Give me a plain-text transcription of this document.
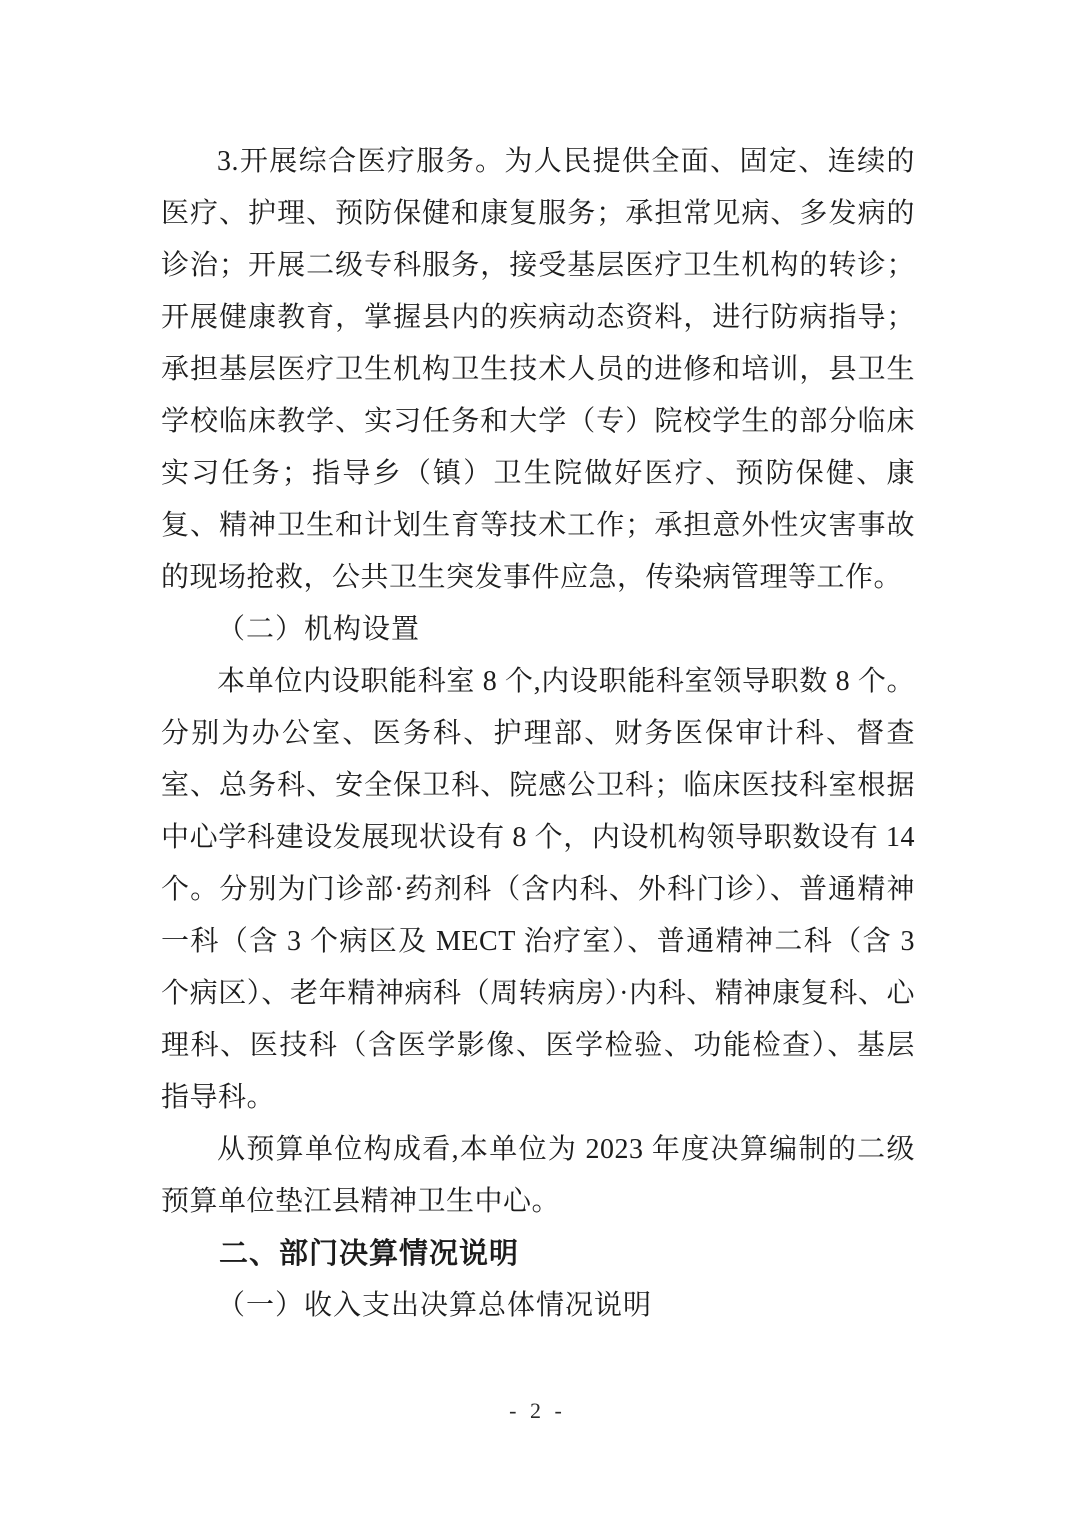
3.开展综合医疗服务。为人民提供全面、固定、连续的医疗、护理、预防保健和康复服务；承担常见病、多发病的诊治；开展二级专科服务，接受基层医疗卫生机构的转诊；开展健康教育，掌握县内的疾病动态资料，进行防病指导；承担基层医疗卫生机构卫生技术人员的进修和培训，县卫生学校临床教学、实习任务和大学（专）院校学生的部分临床实习任务；指导乡（镇）卫生院做好医疗、预防保健、康复、精神卫生和计划生育等技术工作；承担意外性灾害事故的现场抢救，公共卫生突发事件应急，传染病管理等工作。

（二）机构设置

本单位内设职能科室 8 个,内设职能科室领导职数 8 个。分别为办公室、医务科、护理部、财务医保审计科、督查室、总务科、安全保卫科、院感公卫科；临床医技科室根据中心学科建设发展现状设有 8 个，内设机构领导职数设有 14 个。分别为门诊部·药剂科（含内科、外科门诊）、普通精神一科（含 3 个病区及 MECT 治疗室）、普通精神二科（含 3 个病区）、老年精神病科（周转病房）·内科、精神康复科、心理科、医技科（含医学影像、医学检验、功能检查）、基层指导科。

从预算单位构成看,本单位为 2023 年度决算编制的二级预算单位垫江县精神卫生中心。

二、部门决算情况说明

（一）收入支出决算总体情况说明

- 2 -
